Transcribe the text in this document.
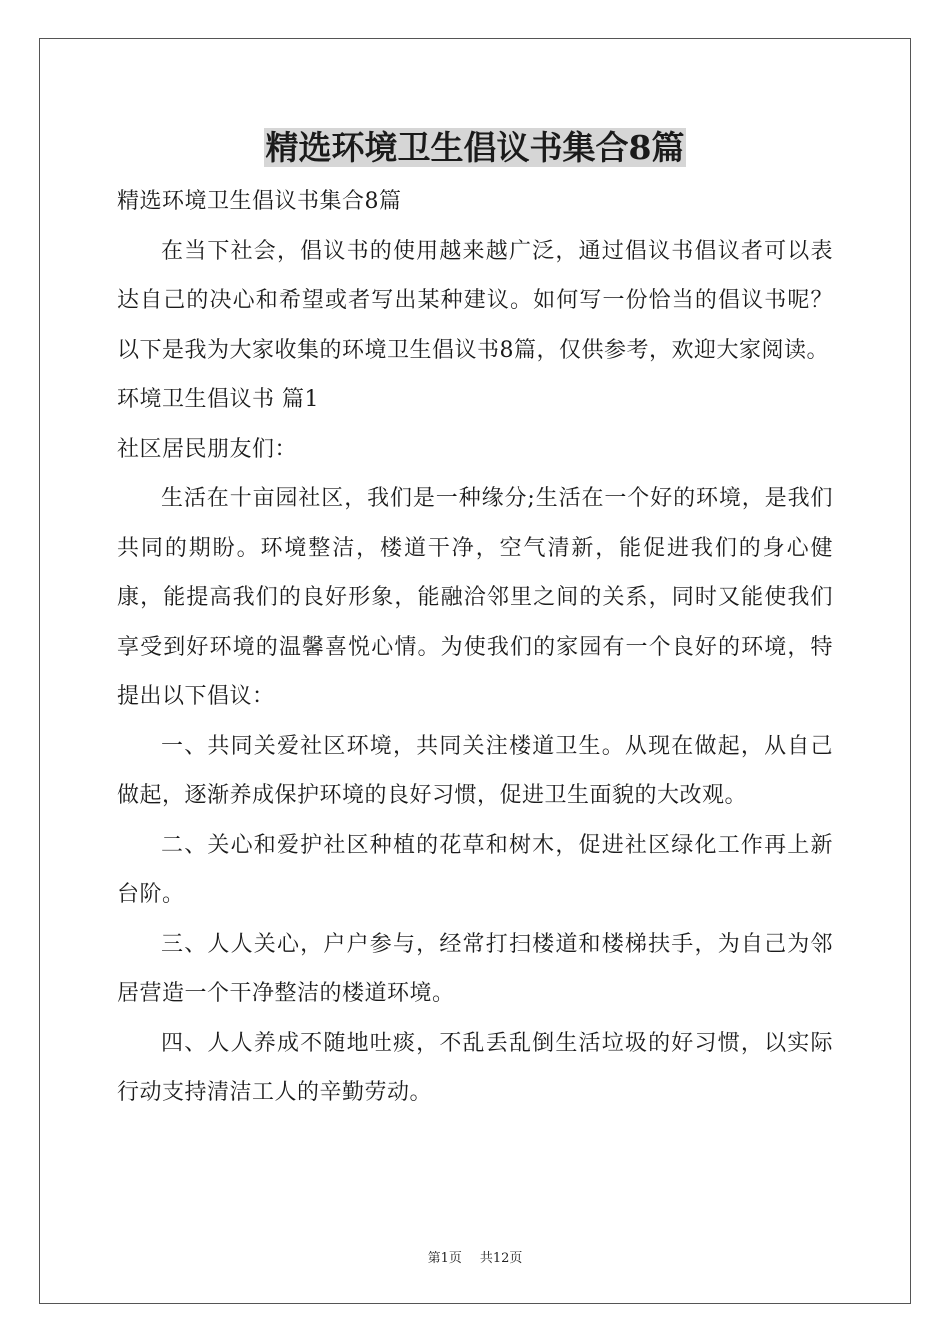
精选环境卫生倡议书集合8篇

精选环境卫生倡议书集合8篇

在当下社会，倡议书的使用越来越广泛，通过倡议书倡议者可以表达自己的决心和希望或者写出某种建议。如何写一份恰当的倡议书呢？以下是我为大家收集的环境卫生倡议书8篇，仅供参考，欢迎大家阅读。

环境卫生倡议书 篇1

社区居民朋友们：

生活在十亩园社区，我们是一种缘分;生活在一个好的环境，是我们共同的期盼。环境整洁，楼道干净，空气清新，能促进我们的身心健康，能提高我们的良好形象，能融洽邻里之间的关系，同时又能使我们享受到好环境的温馨喜悦心情。为使我们的家园有一个良好的环境，特提出以下倡议：

一、共同关爱社区环境，共同关注楼道卫生。从现在做起，从自己做起，逐渐养成保护环境的良好习惯，促进卫生面貌的大改观。

二、关心和爱护社区种植的花草和树木，促进社区绿化工作再上新台阶。

三、人人关心，户户参与，经常打扫楼道和楼梯扶手，为自己为邻居营造一个干净整洁的楼道环境。

四、人人养成不随地吐痰，不乱丢乱倒生活垃圾的好习惯，以实际行动支持清洁工人的辛勤劳动。

第1页 共12页
